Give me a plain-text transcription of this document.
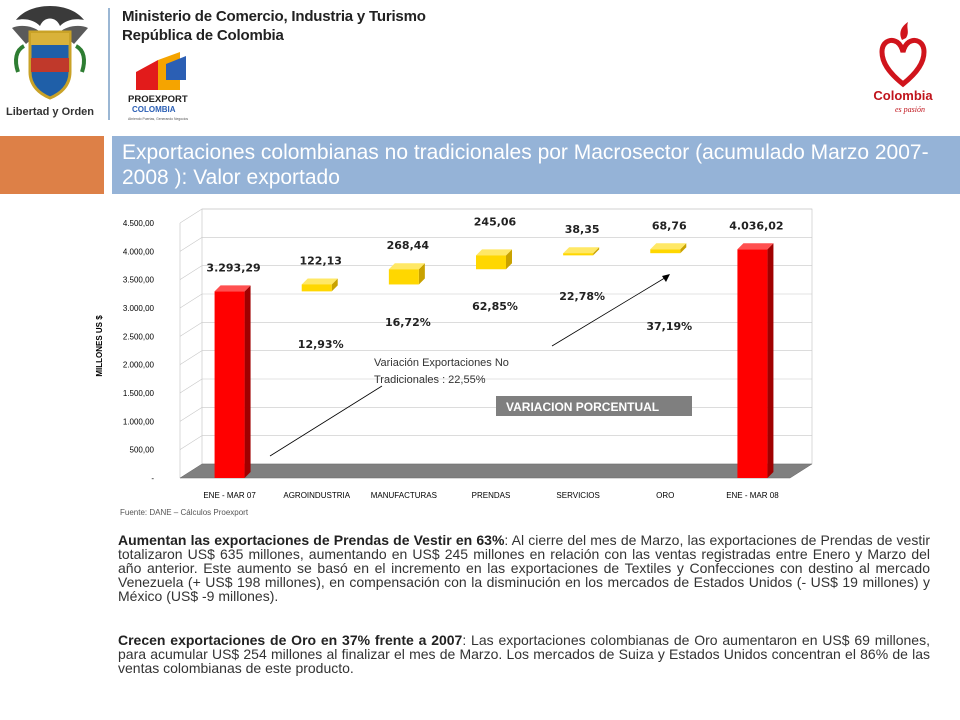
Libertad y Orden
Ministerio de Comercio, Industria y Turismo
República de Colombia
PROEXPORT
COLOMBIA
Abriendo Puertas, Generando Negocios
Colombia
es pasión
Exportaciones colombianas no tradicionales por Macrosector (acumulado Marzo 2007-2008 ): Valor exportado
MILLONES US $
-
500,00
1.000,00
1.500,00
2.000,00
2.500,00
3.000,00
3.500,00
4.000,00
4.500,00
ENE - MAR 07	AGROINDUSTRIA	MANUFACTURAS	PRENDAS	SERVICIOS	ORO	ENE - MAR 08
3.293,29
122,13
268,44
245,06
38,35	68,76	4.036,02
12,93%
16,72%
62,85%
22,78%
37,19%
Variación Exportaciones No
Tradicionales : 22,55%
VARIACION PORCENTUAL
Fuente: DANE – Cálculos Proexport
Aumentan las exportaciones de Prendas de Vestir en 63%: Al cierre del mes de Marzo, las exportaciones de Prendas de vestir totalizaron US$ 635 millones, aumentando en US$ 245 millones en relación con las ventas registradas entre Enero y Marzo del año anterior. Este aumento se basó en el incremento en las exportaciones de Textiles y Confecciones con destino al mercado Venezuela (+ US$ 198 millones), en compensación con la disminución en los mercados de Estados Unidos (- US$ 19 millones) y México (US$ -9 millones).
Crecen exportaciones de Oro en 37% frente a 2007: Las exportaciones colombianas de Oro aumentaron en US$ 69 millones, para acumular US$ 254 millones al finalizar el mes de Marzo. Los mercados de Suiza y Estados Unidos concentran el 86% de las ventas colombianas de este producto.
